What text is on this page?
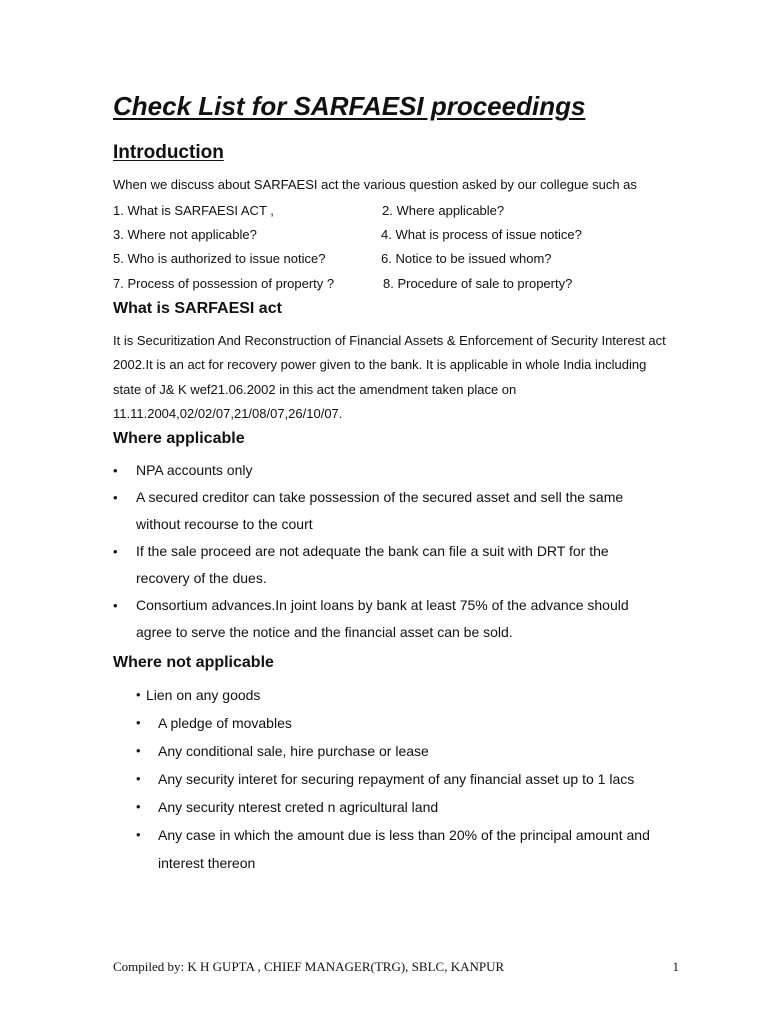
Check List for SARFAESI proceedings
Introduction

When we discuss about SARFAESI act the various question asked by our collegue such as

1. What is SARFAESI ACT ,	2. Where applicable?
3. Where not applicable?	4. What is process of issue notice?
5. Who is authorized to issue notice?	6. Notice to be issued whom?
7. Process of possession of property ?	8. Procedure of sale to property?
What is SARFAESI act

It is Securitization And Reconstruction of Financial Assets & Enforcement of Security Interest act 2002.It is an act for recovery power given to the bank. It is applicable in whole India including state of J& K wef21.06.2002 in this act the amendment taken place on 11.11.2004,02/02/07,21/08/07,26/10/07.

Where applicable
• NPA accounts only
• A secured creditor can take possession of the secured asset and sell the same without recourse to the court
• If the sale proceed are not adequate the bank can file a suit with DRT for the recovery of the dues.
• Consortium advances.In joint loans by bank at least 75% of the advance should agree to serve the notice and the financial asset can be sold.
Where not applicable
• Lien on any goods
• A pledge of movables
• Any conditional sale, hire purchase or lease
• Any security interet for securing repayment of any financial asset up to 1 lacs
• Any security nterest creted n agricultural land
• Any case in which the amount due is less than 20% of the principal amount and interest thereon
Compiled by: K H GUPTA , CHIEF MANAGER(TRG), SBLC, KANPUR	1
